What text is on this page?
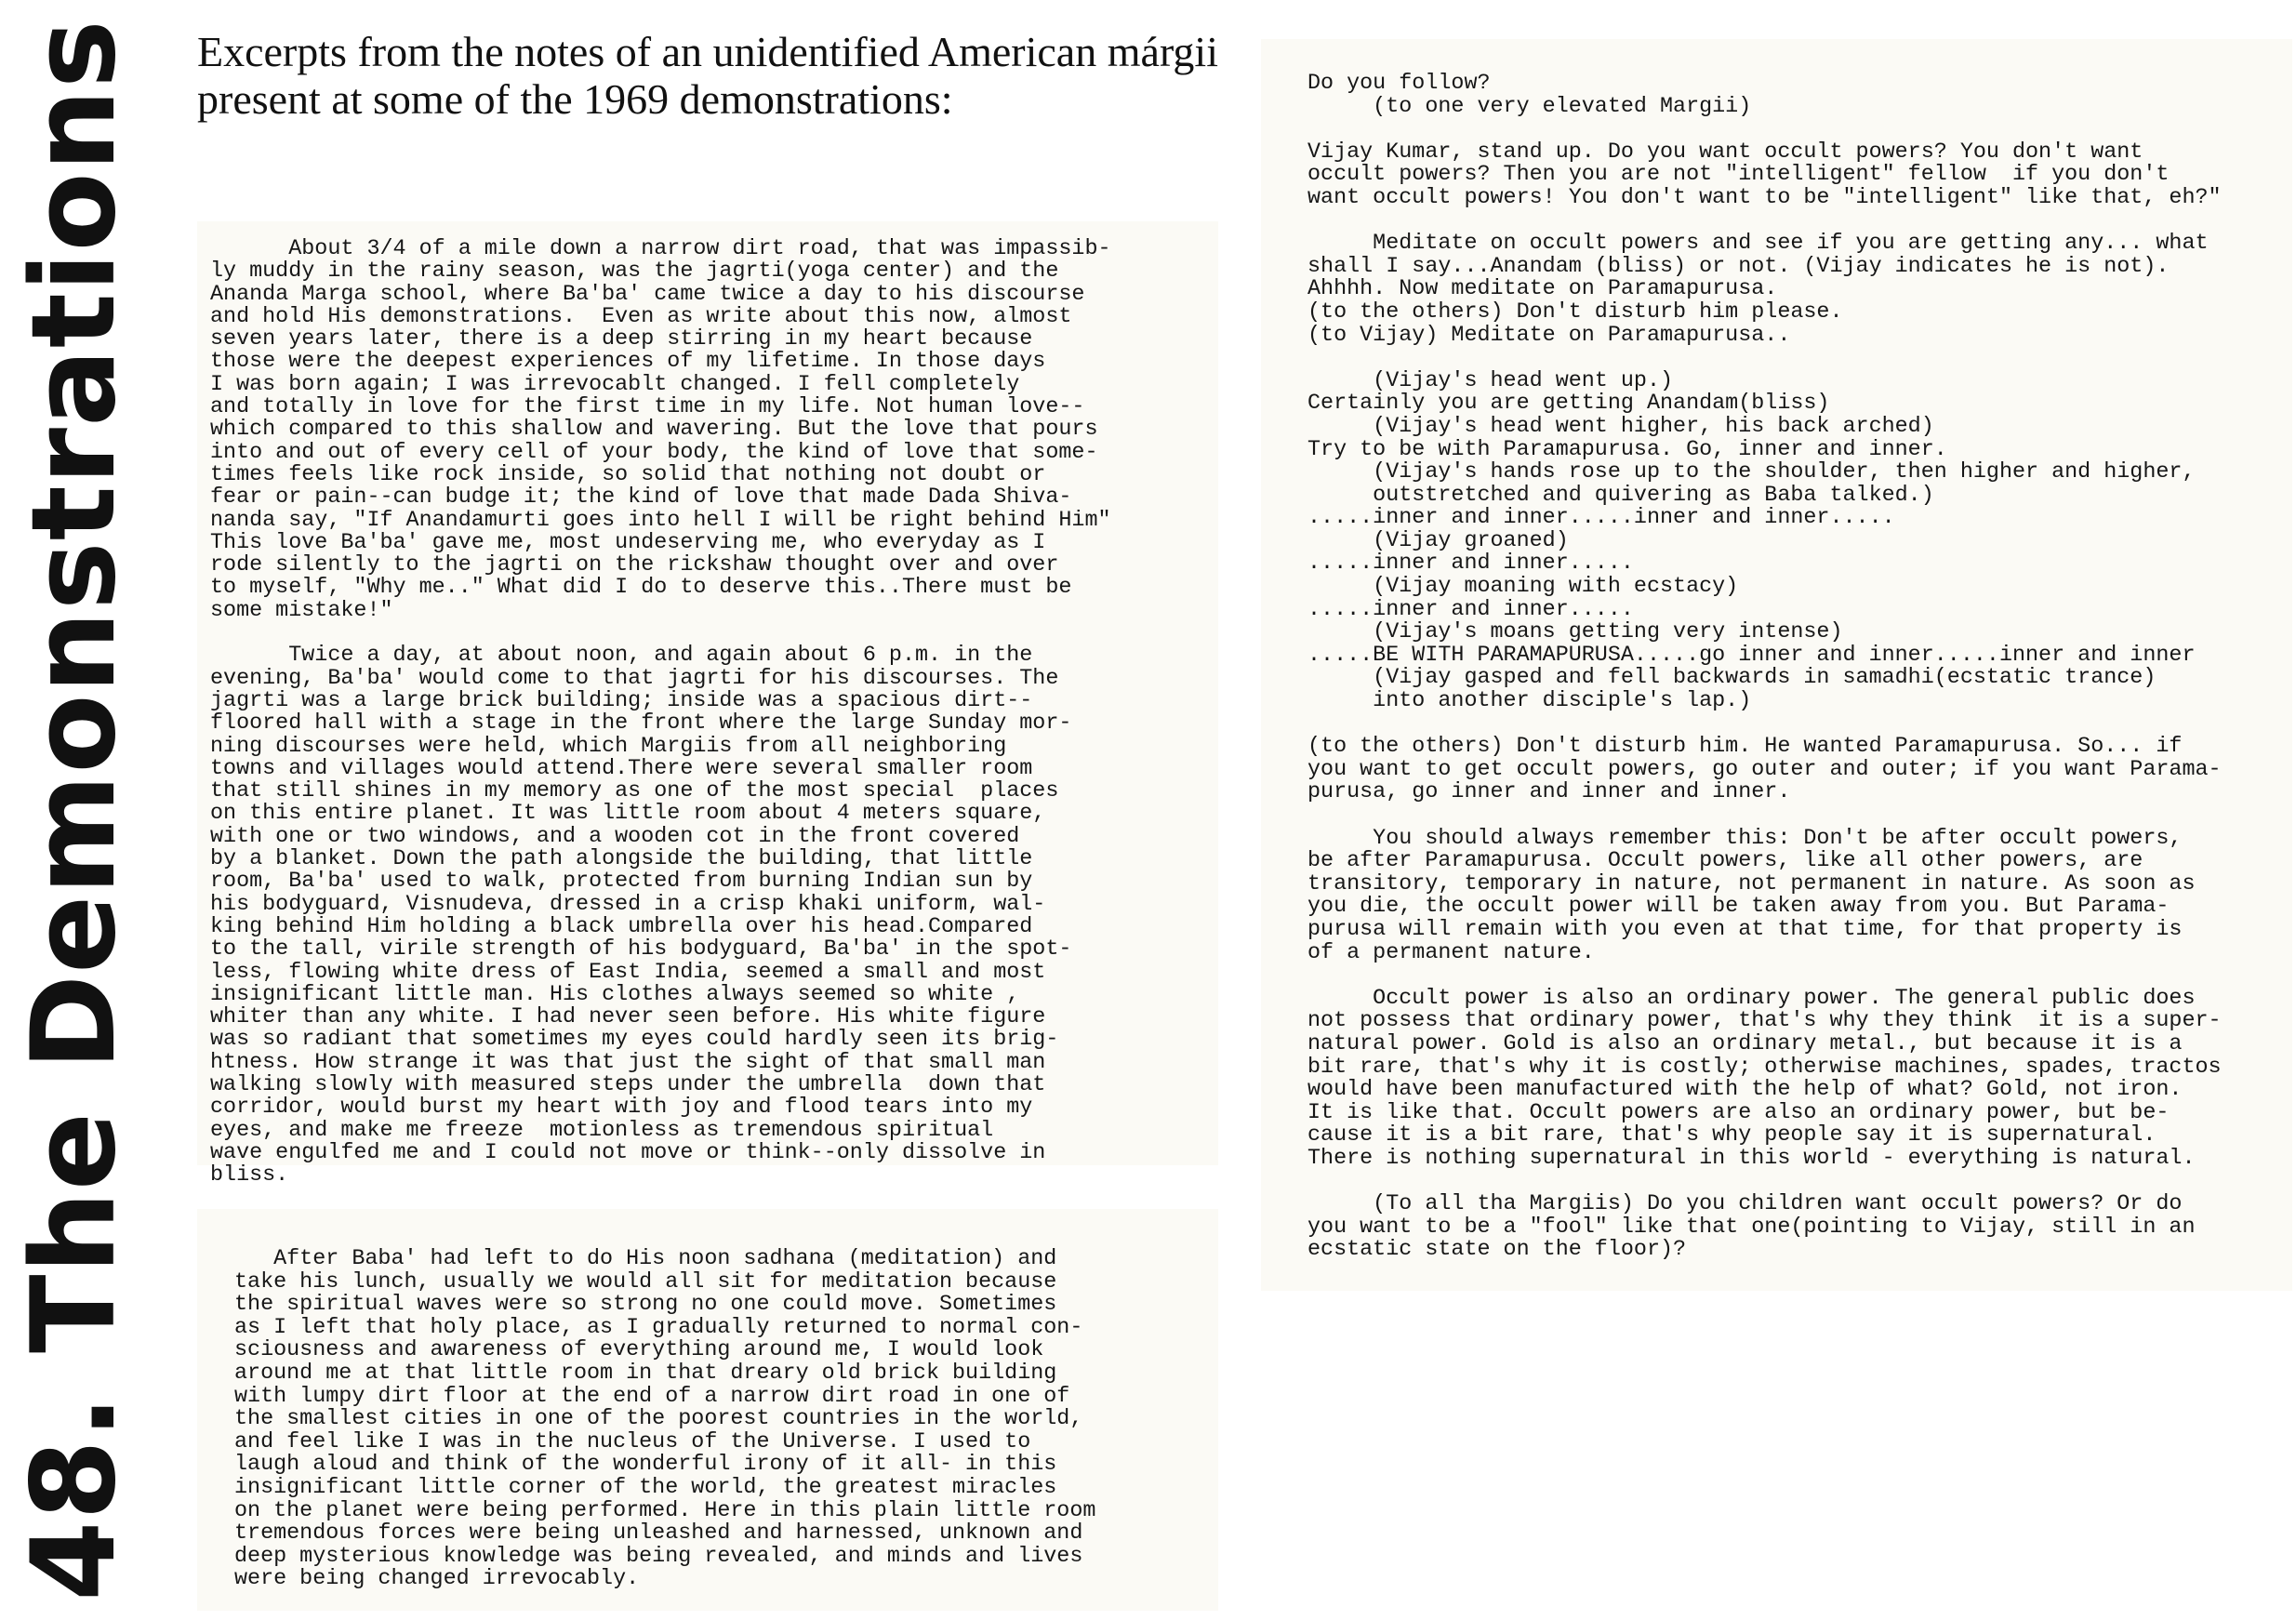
48. The Demonstrations Excerpts from the notes of an unidentified American márgii present at some of the 1969 demonstrations:

About 3/4 of a mile down a narrow dirt road, that was impassib-
ly muddy in the rainy season, was the jagrti(yoga center) and the
Ananda Marga school, where Ba'ba' came twice a day to his discourse
and hold His demonstrations.  Even as write about this now, almost
seven years later, there is a deep stirring in my heart because
those were the deepest experiences of my lifetime. In those days
I was born again; I was irrevocablt changed. I fell completely
and totally in love for the first time in my life. Not human love--
which compared to this shallow and wavering. But the love that pours
into and out of every cell of your body, the kind of love that some-
times feels like rock inside, so solid that nothing not doubt or
fear or pain--can budge it; the kind of love that made Dada Shiva-
nanda say, "If Anandamurti goes into hell I will be right behind Him"
This love Ba'ba' gave me, most undeserving me, who everyday as I
rode silently to the jagrti on the rickshaw thought over and over
to myself, "Why me.." What did I do to deserve this..There must be
some mistake!"

Twice a day, at about noon, and again about 6 p.m. in the
evening, Ba'ba' would come to that jagrti for his discourses. The
jagrti was a large brick building; inside was a spacious dirt--
floored hall with a stage in the front where the large Sunday mor-
ning discourses were held, which Margiis from all neighboring
towns and villages would attend.There were several smaller room
that still shines in my memory as one of the most special  places
on this entire planet. It was little room about 4 meters square,
with one or two windows, and a wooden cot in the front covered
by a blanket. Down the path alongside the building, that little
room, Ba'ba' used to walk, protected from burning Indian sun by
his bodyguard, Visnudeva, dressed in a crisp khaki uniform, wal-
king behind Him holding a black umbrella over his head.Compared
to the tall, virile strength of his bodyguard, Ba'ba' in the spot-
less, flowing white dress of East India, seemed a small and most
insignificant little man. His clothes always seemed so white ,
whiter than any white. I had never seen before. His white figure
was so radiant that sometimes my eyes could hardly seen its brig-
htness. How strange it was that just the sight of that small man
walking slowly with measured steps under the umbrella  down that
corridor, would burst my heart with joy and flood tears into my
eyes, and make me freeze  motionless as tremendous spiritual
wave engulfed me and I could not move or think--only dissolve in
bliss.
After Baba' had left to do His noon sadhana (meditation) and
take his lunch, usually we would all sit for meditation because
the spiritual waves were so strong no one could move. Sometimes
as I left that holy place, as I gradually returned to normal con-
sciousness and awareness of everything around me, I would look
around me at that little room in that dreary old brick building
with lumpy dirt floor at the end of a narrow dirt road in one of
the smallest cities in one of the poorest countries in the world,
and feel like I was in the nucleus of the Universe. I used to
laugh aloud and think of the wonderful irony of it all- in this
insignificant little corner of the world, the greatest miracles
on the planet were being performed. Here in this plain little room
tremendous forces were being unleashed and harnessed, unknown and
deep mysterious knowledge was being revealed, and minds and lives
were being changed irrevocably.
Do you follow?
(to one very elevated Margii)

Vijay Kumar, stand up. Do you want occult powers? You don't want
occult powers? Then you are not "intelligent" fellow  if you don't
want occult powers! You don't want to be "intelligent" like that, eh?"

Meditate on occult powers and see if you are getting any... what
shall I say...Anandam (bliss) or not. (Vijay indicates he is not).
Ahhhh. Now meditate on Paramapurusa.
(to the others) Don't disturb him please.
(to Vijay) Meditate on Paramapurusa..

(Vijay's head went up.)
Certainly you are getting Anandam(bliss)
(Vijay's head went higher, his back arched)
Try to be with Paramapurusa. Go, inner and inner.
(Vijay's hands rose up to the shoulder, then higher and higher,
outstretched and quivering as Baba talked.)
.....inner and inner.....inner and inner.....
(Vijay groaned)
.....inner and inner.....
(Vijay moaning with ecstacy)
.....inner and inner.....
(Vijay's moans getting very intense)
.....BE WITH PARAMAPURUSA.....go inner and inner.....inner and inner
(Vijay gasped and fell backwards in samadhi(ecstatic trance)
into another disciple's lap.)

(to the others) Don't disturb him. He wanted Paramapurusa. So... if
you want to get occult powers, go outer and outer; if you want Parama-
purusa, go inner and inner and inner.

You should always remember this: Don't be after occult powers,
be after Paramapurusa. Occult powers, like all other powers, are
transitory, temporary in nature, not permanent in nature. As soon as
you die, the occult power will be taken away from you. But Parama-
purusa will remain with you even at that time, for that property is
of a permanent nature.

Occult power is also an ordinary power. The general public does
not possess that ordinary power, that's why they think  it is a super-
natural power. Gold is also an ordinary metal., but because it is a
bit rare, that's why it is costly; otherwise machines, spades, tractos
would have been manufactured with the help of what? Gold, not iron.
It is like that. Occult powers are also an ordinary power, but be-
cause it is a bit rare, that's why people say it is supernatural.
There is nothing supernatural in this world - everything is natural.

(To all tha Margiis) Do you children want occult powers? Or do
you want to be a "fool" like that one(pointing to Vijay, still in an
ecstatic state on the floor)?
